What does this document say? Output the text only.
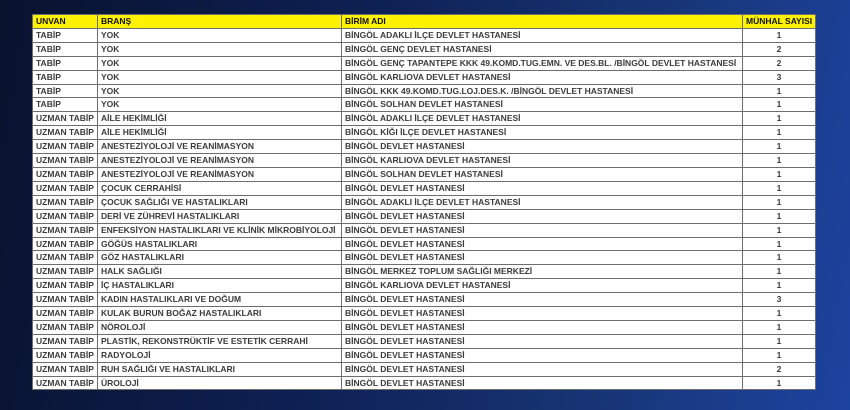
UNVAN	BRANŞ	BİRİM ADI	MÜNHAL SAYISI
TABİP	YOK	BİNGÖL ADAKLI İLÇE DEVLET HASTANESİ	1
TABİP	YOK	BİNGÖL GENÇ DEVLET HASTANESİ	2
TABİP	YOK	BİNGÖL GENÇ TAPANTEPE KKK 49.KOMD.TUG.EMN. VE DES.BL. /BİNGÖL DEVLET HASTANESİ	2
TABİP	YOK	BİNGÖL KARLIOVA DEVLET HASTANESİ	3
TABİP	YOK	BİNGÖL KKK 49.KOMD.TUG.LOJ.DES.K. /BİNGÖL DEVLET HASTANESİ	1
TABİP	YOK	BİNGÖL SOLHAN DEVLET HASTANESİ	1
UZMAN TABİP	AİLE HEKİMLİĞİ	BİNGÖL ADAKLI İLÇE DEVLET HASTANESİ	1
UZMAN TABİP	AİLE HEKİMLİĞİ	BİNGÖL KİĞI İLÇE DEVLET HASTANESİ	1
UZMAN TABİP	ANESTEZİYOLOJİ VE REANİMASYON	BİNGÖL DEVLET HASTANESİ	1
UZMAN TABİP	ANESTEZİYOLOJİ VE REANİMASYON	BİNGÖL KARLIOVA DEVLET HASTANESİ	1
UZMAN TABİP	ANESTEZİYOLOJİ VE REANİMASYON	BİNGÖL SOLHAN DEVLET HASTANESİ	1
UZMAN TABİP	ÇOCUK CERRAHİSİ	BİNGÖL DEVLET HASTANESİ	1
UZMAN TABİP	ÇOCUK SAĞLIĞI VE HASTALIKLARI	BİNGÖL ADAKLI İLÇE DEVLET HASTANESİ	1
UZMAN TABİP	DERİ VE ZÜHREVİ HASTALIKLARI	BİNGÖL DEVLET HASTANESİ	1
UZMAN TABİP	ENFEKSİYON HASTALIKLARI VE KLİNİK MİKROBİYOLOJİ	BİNGÖL DEVLET HASTANESİ	1
UZMAN TABİP	GÖĞÜS HASTALIKLARI	BİNGÖL DEVLET HASTANESİ	1
UZMAN TABİP	GÖZ HASTALIKLARI	BİNGÖL DEVLET HASTANESİ	1
UZMAN TABİP	HALK SAĞLIĞI	BİNGÖL MERKEZ TOPLUM SAĞLIĞI MERKEZİ	1
UZMAN TABİP	İÇ HASTALIKLARI	BİNGÖL KARLIOVA DEVLET HASTANESİ	1
UZMAN TABİP	KADIN HASTALIKLARI VE DOĞUM	BİNGÖL DEVLET HASTANESİ	3
UZMAN TABİP	KULAK BURUN BOĞAZ HASTALIKLARI	BİNGÖL DEVLET HASTANESİ	1
UZMAN TABİP	NÖROLOJİ	BİNGÖL DEVLET HASTANESİ	1
UZMAN TABİP	PLASTİK, REKONSTRÜKTİF VE ESTETİK CERRAHİ	BİNGÖL DEVLET HASTANESİ	1
UZMAN TABİP	RADYOLOJİ	BİNGÖL DEVLET HASTANESİ	1
UZMAN TABİP	RUH SAĞLIĞI VE HASTALIKLARI	BİNGÖL DEVLET HASTANESİ	2
UZMAN TABİP	ÜROLOJİ	BİNGÖL DEVLET HASTANESİ	1
